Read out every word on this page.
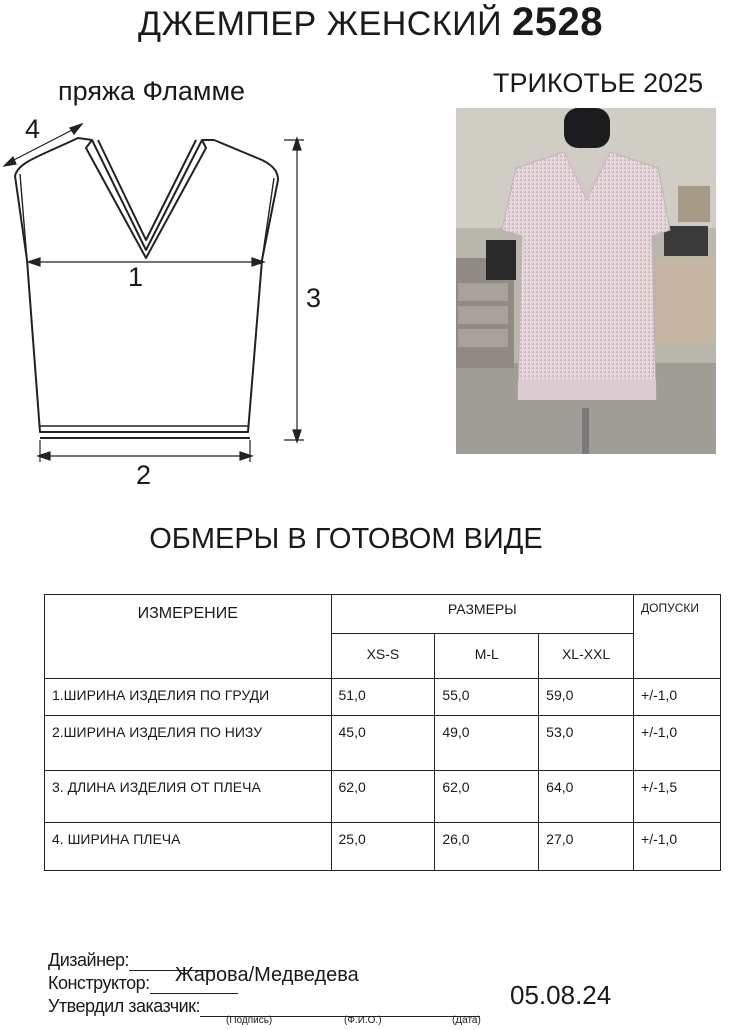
ДЖЕМПЕР ЖЕНСКИЙ 2528
пряжа Фламме	ТРИКОТЬЕ 2025
1
2
3
4
ОБМЕРЫ В ГОТОВОМ ВИДЕ
ИЗМЕРЕНИЕ	РАЗМЕРЫ			ДОПУСКИ
	XS-S	M-L	XL-XXL	
1.ШИРИНА ИЗДЕЛИЯ ПО ГРУДИ	51,0	55,0	59,0	+/-1,0
2.ШИРИНА ИЗДЕЛИЯ ПО НИЗУ	45,0	49,0	53,0	+/-1,0
3. ДЛИНА ИЗДЕЛИЯ ОТ ПЛЕЧА	62,0	62,0	64,0	+/-1,5
4. ШИРИНА ПЛЕЧА	25,0	26,0	27,0	+/-1,0
Дизайнер:
Конструктор:
Утвердил заказчик:
Жарова/Медведева
05.08.24
(Подпись)	(Ф.И.О.)	(Дата)
